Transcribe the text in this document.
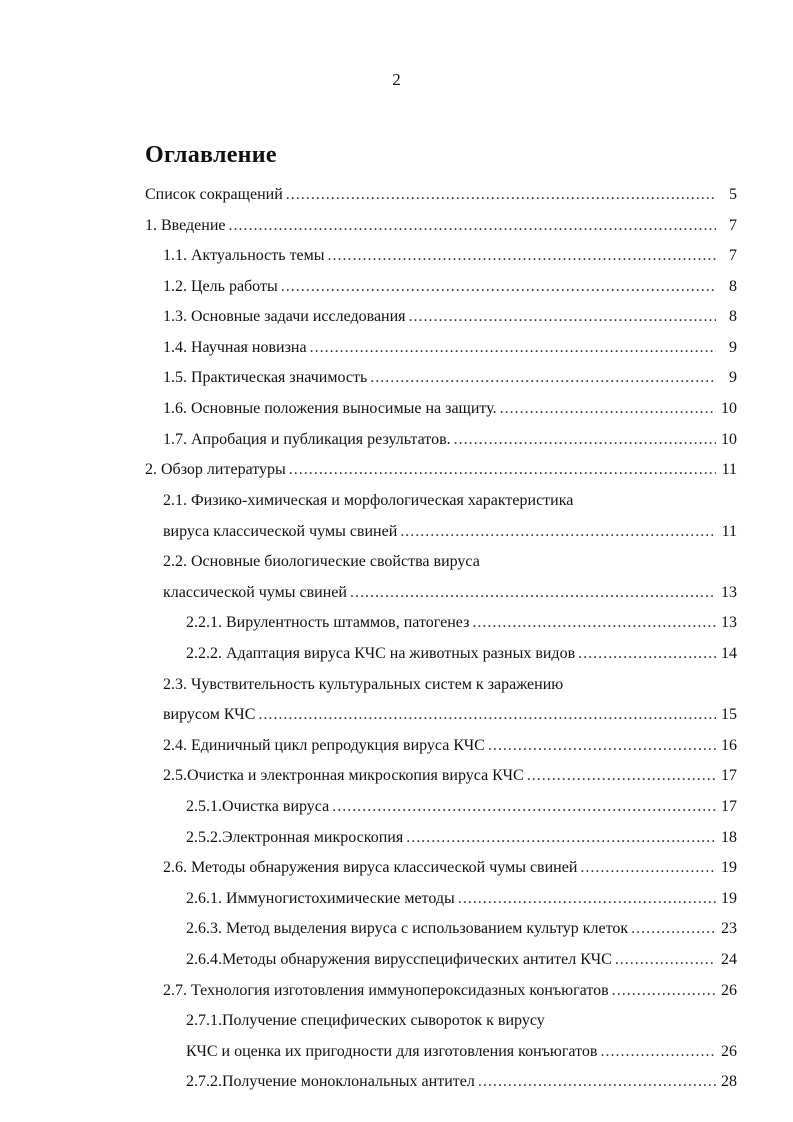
2
Оглавление
Список сокращений .....	5
1. Введение .....	7
1.1. Актуальность темы .....	7
1.2. Цель работы .....	8
1.3. Основные задачи исследования .....	8
1.4. Научная новизна .....	9
1.5. Практическая значимость .....	9
1.6. Основные положения выносимые на защиту. .....	10
1.7. Апробация и публикация результатов. .....	10
2. Обзор литературы .....	11
2.1. Физико-химическая и морфологическая характеристика
вируса классической чумы свиней .....	11
2.2. Основные биологические свойства вируса
классической чумы свиней .....	13
2.2.1. Вирулентность штаммов, патогенез .....	13
2.2.2. Адаптация вируса КЧС на животных разных видов .....	14
2.3. Чувствительность культуральных систем к заражению
вирусом КЧС .....	15
2.4. Единичный цикл репродукция вируса КЧС .....	16
2.5.Очистка и электронная микроскопия вируса КЧС .....	17
2.5.1.Очистка вируса .....	17
2.5.2.Электронная микроскопия .....	18
2.6. Методы обнаружения вируса классической чумы свиней .....	19
2.6.1. Иммуногистохимические методы .....	19
2.6.3. Метод выделения вируса с использованием культур клеток .....	23
2.6.4.Методы обнаружения вирусспецифических антител КЧС .....	24
2.7. Технология изготовления иммунопероксидазных конъюгатов .....	26
2.7.1.Получение специфических сывороток к вирусу
КЧС и оценка их пригодности для изготовления конъюгатов .....	26
2.7.2.Получение моноклональных антител .....	28
